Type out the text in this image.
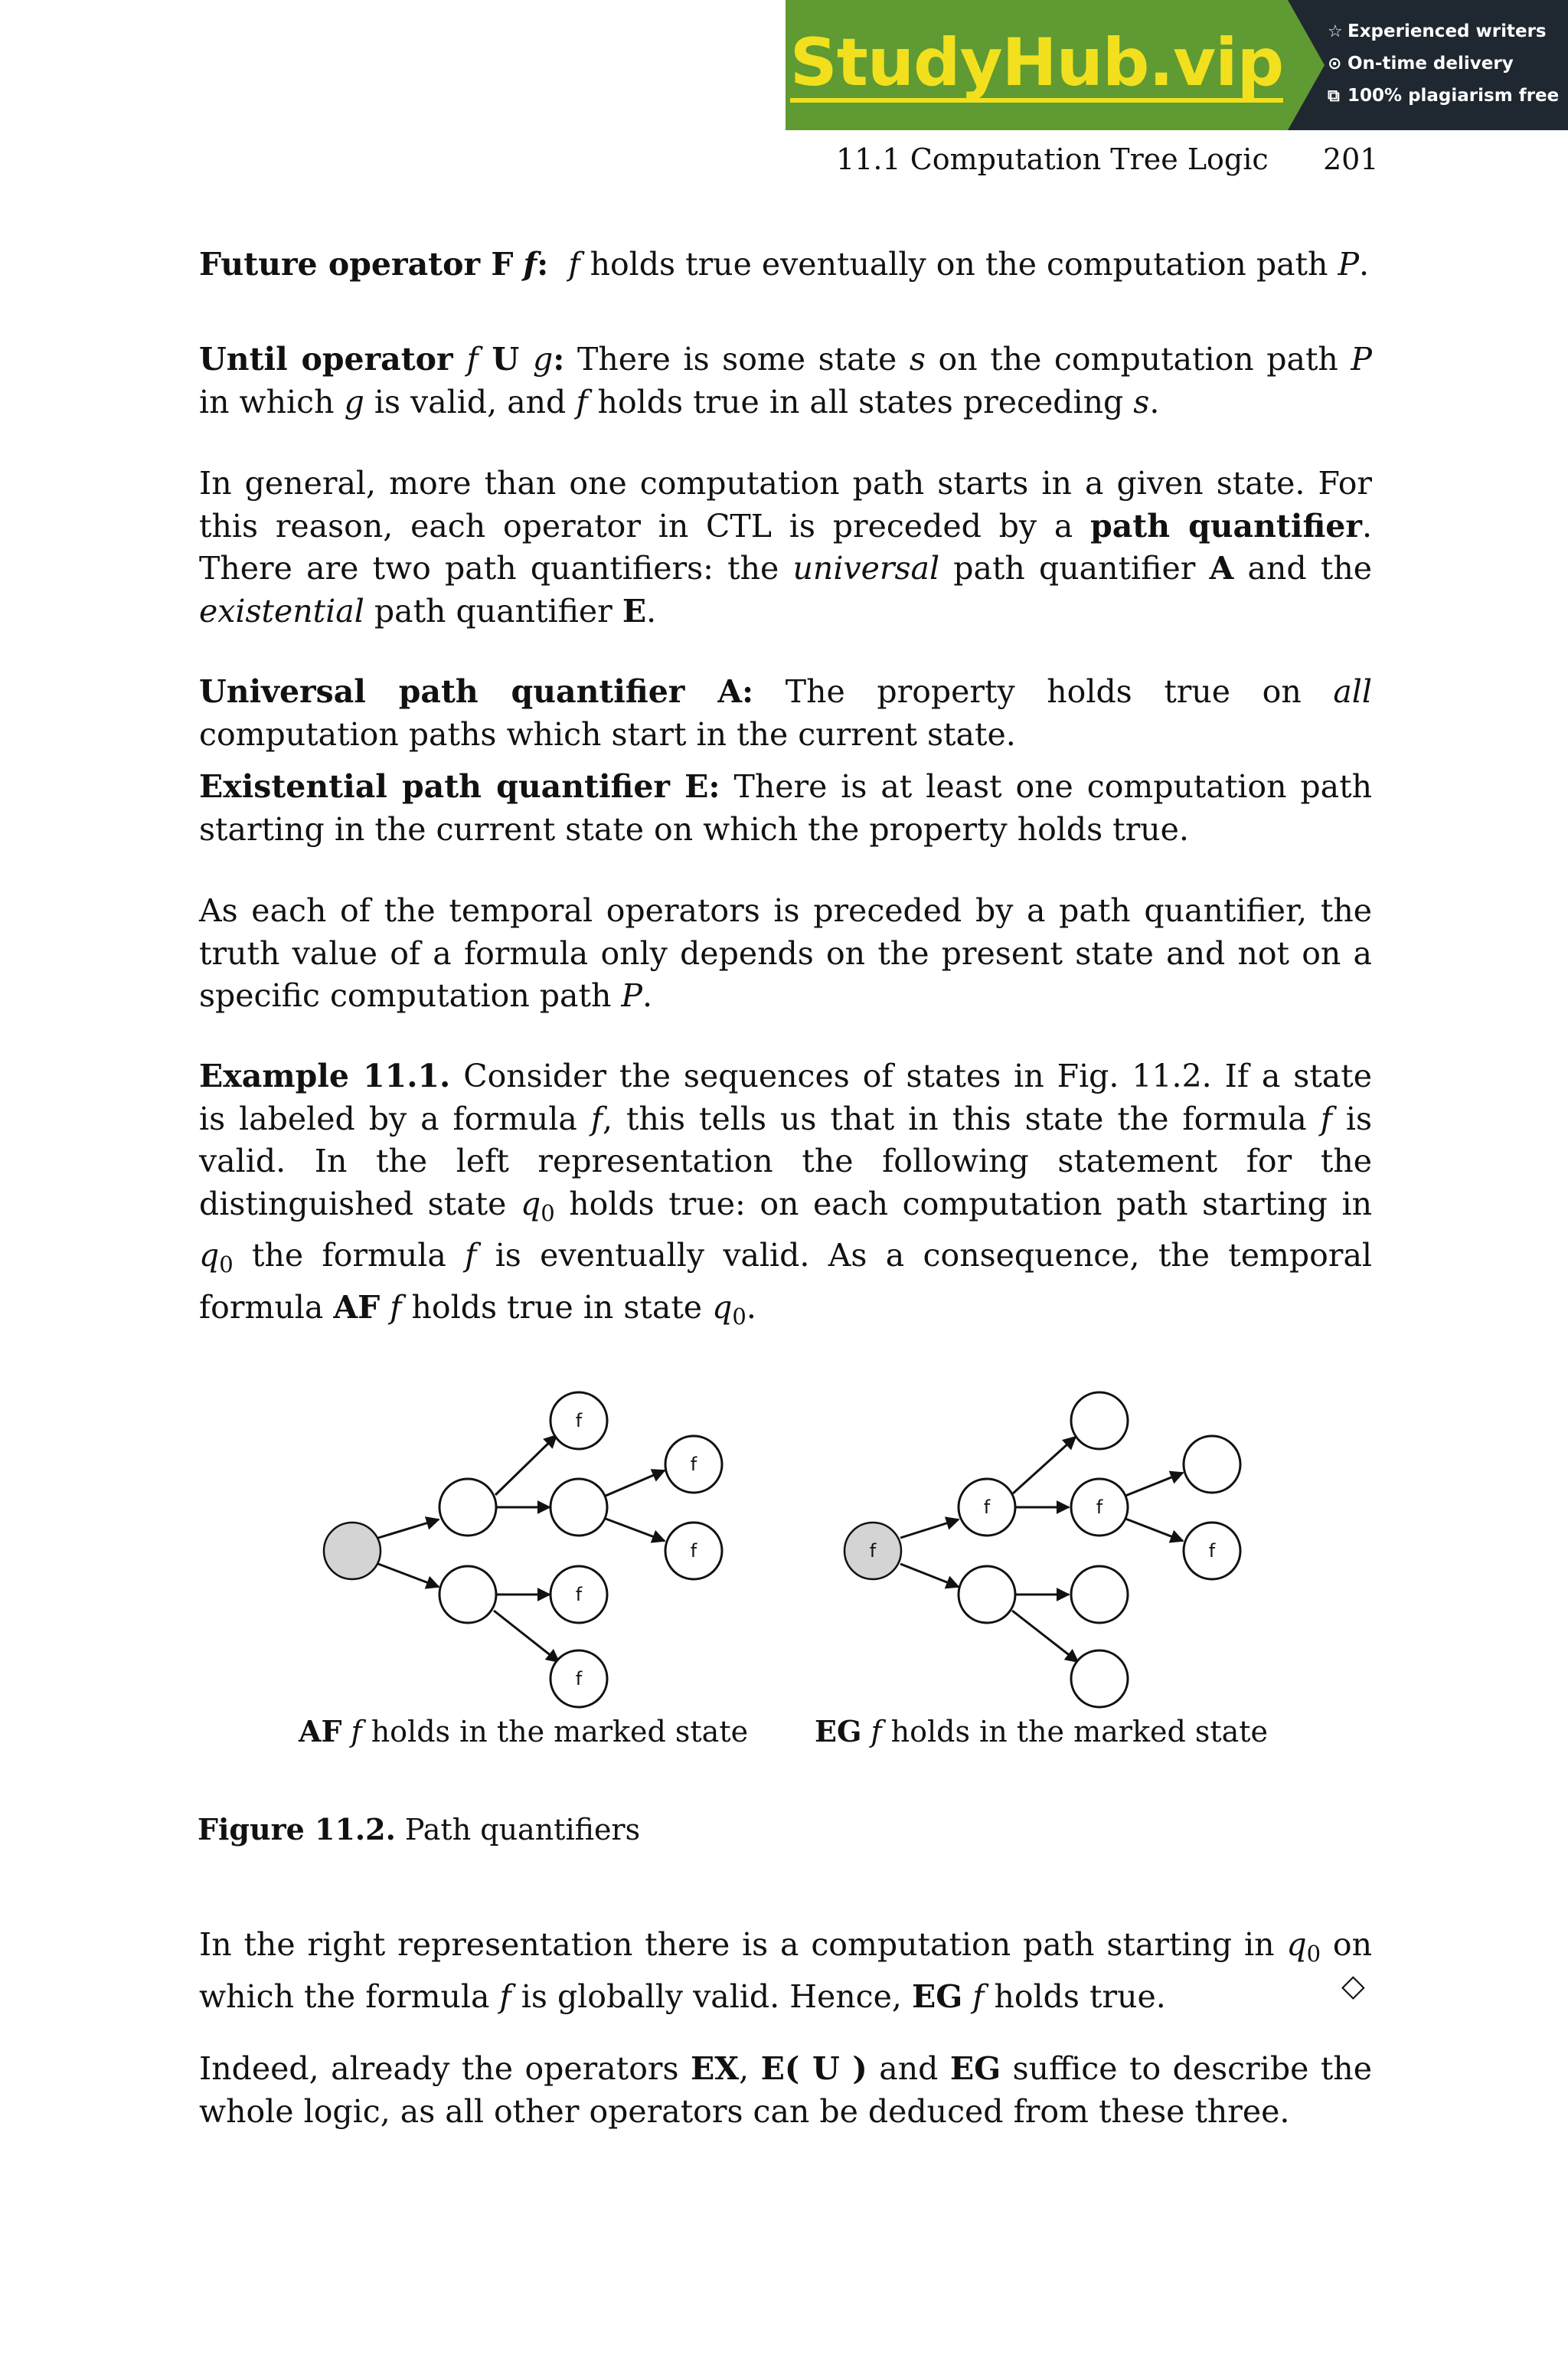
StudyHub.vip	☆ Experienced writers
⊙ On-time delivery
⧉ 100% plagiarism free
11.1 Computation Tree Logic 201

Future operator F f: f holds true eventually on the computation path P.

Until operator f U g: There is some state s on the computation path P in which g is valid, and f holds true in all states preceding s.

In general, more than one computation path starts in a given state. For this reason, each operator in CTL is preceded by a path quantifier. There are two path quantifiers: the universal path quantifier A and the existential path quantifier E.

Universal path quantifier A: The property holds true on all computation paths which start in the current state.

Existential path quantifier E: There is at least one computation path starting in the current state on which the property holds true.

As each of the temporal operators is preceded by a path quantifier, the truth value of a formula only depends on the present state and not on a specific computation path P.

Example 11.1. Consider the sequences of states in Fig. 11.2. If a state is labeled by a formula f, this tells us that in this state the formula f is valid. In the left representation the following statement for the distinguished state $q_0$ holds true: on each computation path starting in $q_0$ the formula f is eventually valid. As a consequence, the temporal formula AF f holds true in state $q_0$.

f
f
f
f
f	f
f	f
f
AF f holds in the marked state EG f holds in the marked state
Figure 11.2. Path quantifiers

In the right representation there is a computation path starting in $q_0$ on which the formula f is globally valid. Hence, EG f holds true.	◇

Indeed, already the operators EX, E( U ) and EG suffice to describe the whole logic, as all other operators can be deduced from these three.
